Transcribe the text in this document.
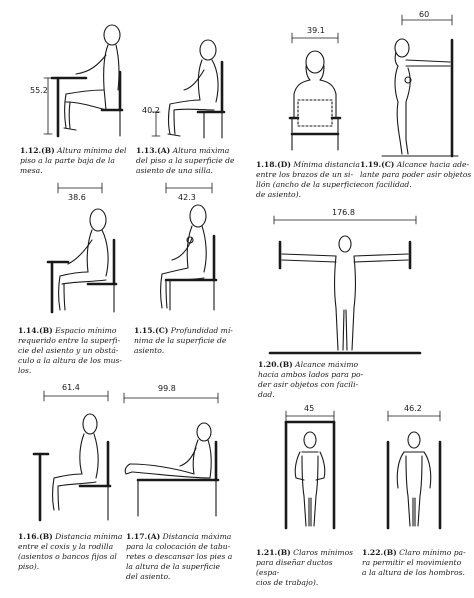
55.2
1.12.(B) Altura mínima del
piso a la parte baja de la
mesa.
40.2
1.13.(A) Altura máxima
del piso a la superficie de
asiento de una silla.
39.1
1.18.(D) Mínima distancia
entre los brazos de un si-
llón (ancho de la superficie
de asiento).
60
1.19.(C) Alcance hacia ade-
lante para poder asir objetos
con facilidad.
38.6
1.14.(B) Espacio mínimo
requerido entre la superfi-
cie del asiento y un obstá-
culo a la altura de los mus-
los.
42.3
1.15.(C) Profundidad mí-
nima de la superficie de
asiento.
176.8
1.20.(B) Alcance máximo
hacia ambos lados para po-
der asir objetos con facili-
dad.
61.4
1.16.(B) Distancia mínima
entre el coxis y la rodilla
(asientos o bancos fijos al
piso).
99.8
1.17.(A) Distancia máxima
para la colocación de tabu-
retes o descansar los pies a
la altura de la superficie
del asiento.
45
1.21.(B) Claros mínimos
para diseñar ductos (espa-
cios de trabajo).
46.2
1.22.(B) Claro mínimo pa-
ra permitir el movimiento
a la altura de los hombros.
